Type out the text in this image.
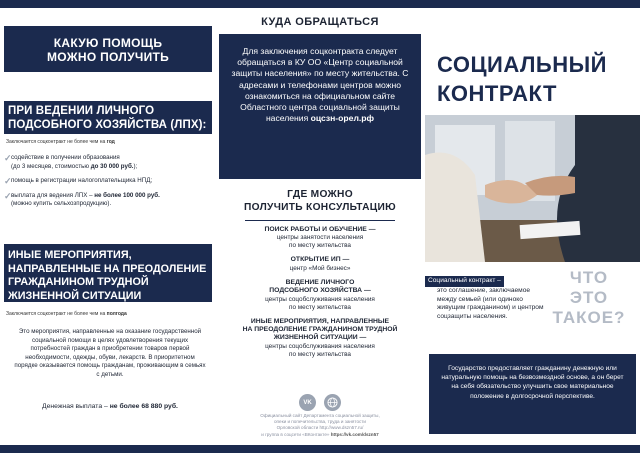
КАКУЮ ПОМОЩЬ
МОЖНО ПОЛУЧИТЬ
ПРИ ВЕДЕНИИ ЛИЧНОГО
ПОДСОБНОГО ХОЗЯЙСТВА (ЛПХ):
Заключается соцконтракт не более чем на год
✓ содействие в получении образования
(до 3 месяцев, стоимостью до 30 000 руб.);
✓ помощь в регистрации налогоплательщика НПД;
✓ выплата для ведения ЛПХ – не более 100 000 руб.
(можно купить сельхозпродукцию).
ИНЫЕ МЕРОПРИЯТИЯ,
НАПРАВЛЕННЫЕ НА ПРЕОДОЛЕНИЕ
ГРАЖДАНИНОМ ТРУДНОЙ
ЖИЗНЕННОЙ СИТУАЦИИ
Заключается соцконтракт не более чем на полгода
Это мероприятия, направленные на оказание государственной социальной помощи в целях удовлетворения текущих потребностей граждан в приобретении товаров первой необходимости, одежды, обуви, лекарств. В приоритетном порядке оказывается помощь гражданам, проживающим в семьях с детьми.
Денежная выплата – не более 68 880 руб.
КУДА ОБРАЩАТЬСЯ
Для заключения соцконтракта следует обращаться в КУ ОО «Центр социальной защиты населения» по месту жительства. С адресами и телефонами центров можно ознакомиться на официальном сайте Областного центра социальной защиты населения оцсзн-орел.рф
ГДЕ МОЖНО
ПОЛУЧИТЬ КОНСУЛЬТАЦИЮ
ПОИСК РАБОТЫ И ОБУЧЕНИЕ —
центры занятости населения
по месту жительства
ОТКРЫТИЕ ИП —
центр «Мой бизнес»
ВЕДЕНИЕ ЛИЧНОГО
ПОДСОБНОГО ХОЗЯЙСТВА —
центры соцобслуживания населения
по месту жительства
ИНЫЕ МЕРОПРИЯТИЯ, НАПРАВЛЕННЫЕ
НА ПРЕОДОЛЕНИЕ ГРАЖДАНИНОМ ТРУДНОЙ
ЖИЗНЕННОЙ СИТУАЦИИ —
центры соцобслуживания населения
по месту жительства
VK
Официальный сайт Департамента социальной защиты,
опеки и попечительства, труда и занятости
Орловской области http://www.dszn57.ru/
и группа в соцсети «ВКонтакте» https://vk.com/dszn57
СОЦИАЛЬНЫЙ
КОНТРАКТ
ЧТО
ЭТО
ТАКОЕ?
Социальный контракт –
это соглашение, заключаемое между семьей (или одиноко живущим гражданином) и центром соцзащиты населения.
Государство предоставляет гражданину денежную или натуральную помощь на безвозмездной основе, а он берет на себя обязательство улучшить свое материальное положение в долгосрочной перспективе.
